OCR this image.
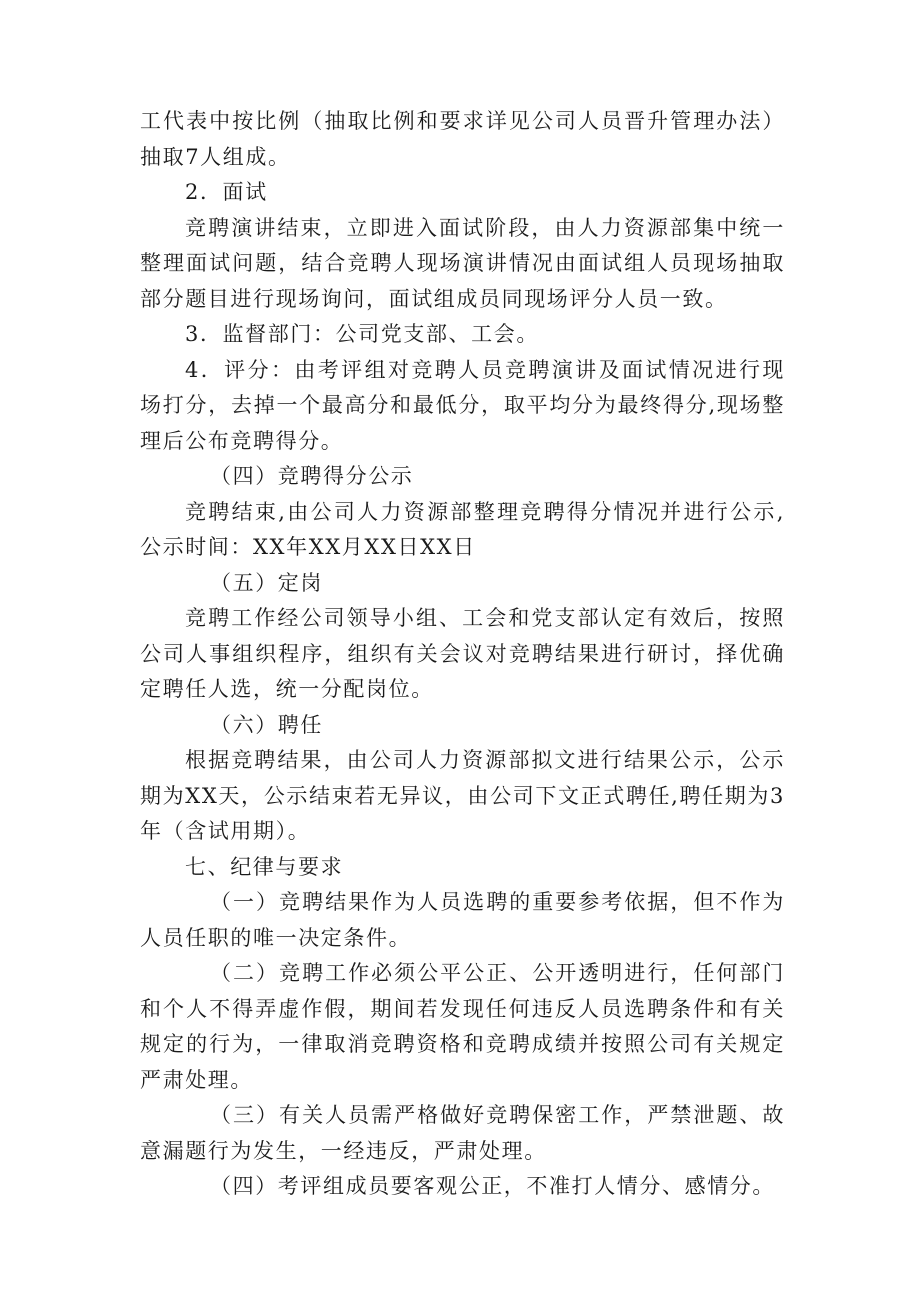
工代表中按比例（抽取比例和要求详见公司人员晋升管理办法）抽取7人组成。

2．面试

竞聘演讲结束，立即进入面试阶段，由人力资源部集中统一整理面试问题，结合竞聘人现场演讲情况由面试组人员现场抽取部分题目进行现场询问，面试组成员同现场评分人员一致。

3．监督部门：公司党支部、工会。

4．评分：由考评组对竞聘人员竞聘演讲及面试情况进行现场打分，去掉一个最高分和最低分，取平均分为最终得分,现场整理后公布竞聘得分。

（四）竞聘得分公示

竞聘结束,由公司人力资源部整理竞聘得分情况并进行公示,公示时间：XX年XX月XX日XX日

（五）定岗

竞聘工作经公司领导小组、工会和党支部认定有效后，按照公司人事组织程序，组织有关会议对竞聘结果进行研讨，择优确定聘任人选，统一分配岗位。

（六）聘任

根据竞聘结果，由公司人力资源部拟文进行结果公示，公示期为XX天，公示结束若无异议，由公司下文正式聘任,聘任期为3年（含试用期）。

七、纪律与要求

（一）竞聘结果作为人员选聘的重要参考依据，但不作为人员任职的唯一决定条件。

（二）竞聘工作必须公平公正、公开透明进行，任何部门和个人不得弄虚作假，期间若发现任何违反人员选聘条件和有关规定的行为，一律取消竞聘资格和竞聘成绩并按照公司有关规定严肃处理。

（三）有关人员需严格做好竞聘保密工作，严禁泄题、故意漏题行为发生，一经违反，严肃处理。

（四）考评组成员要客观公正，不准打人情分、感情分。
